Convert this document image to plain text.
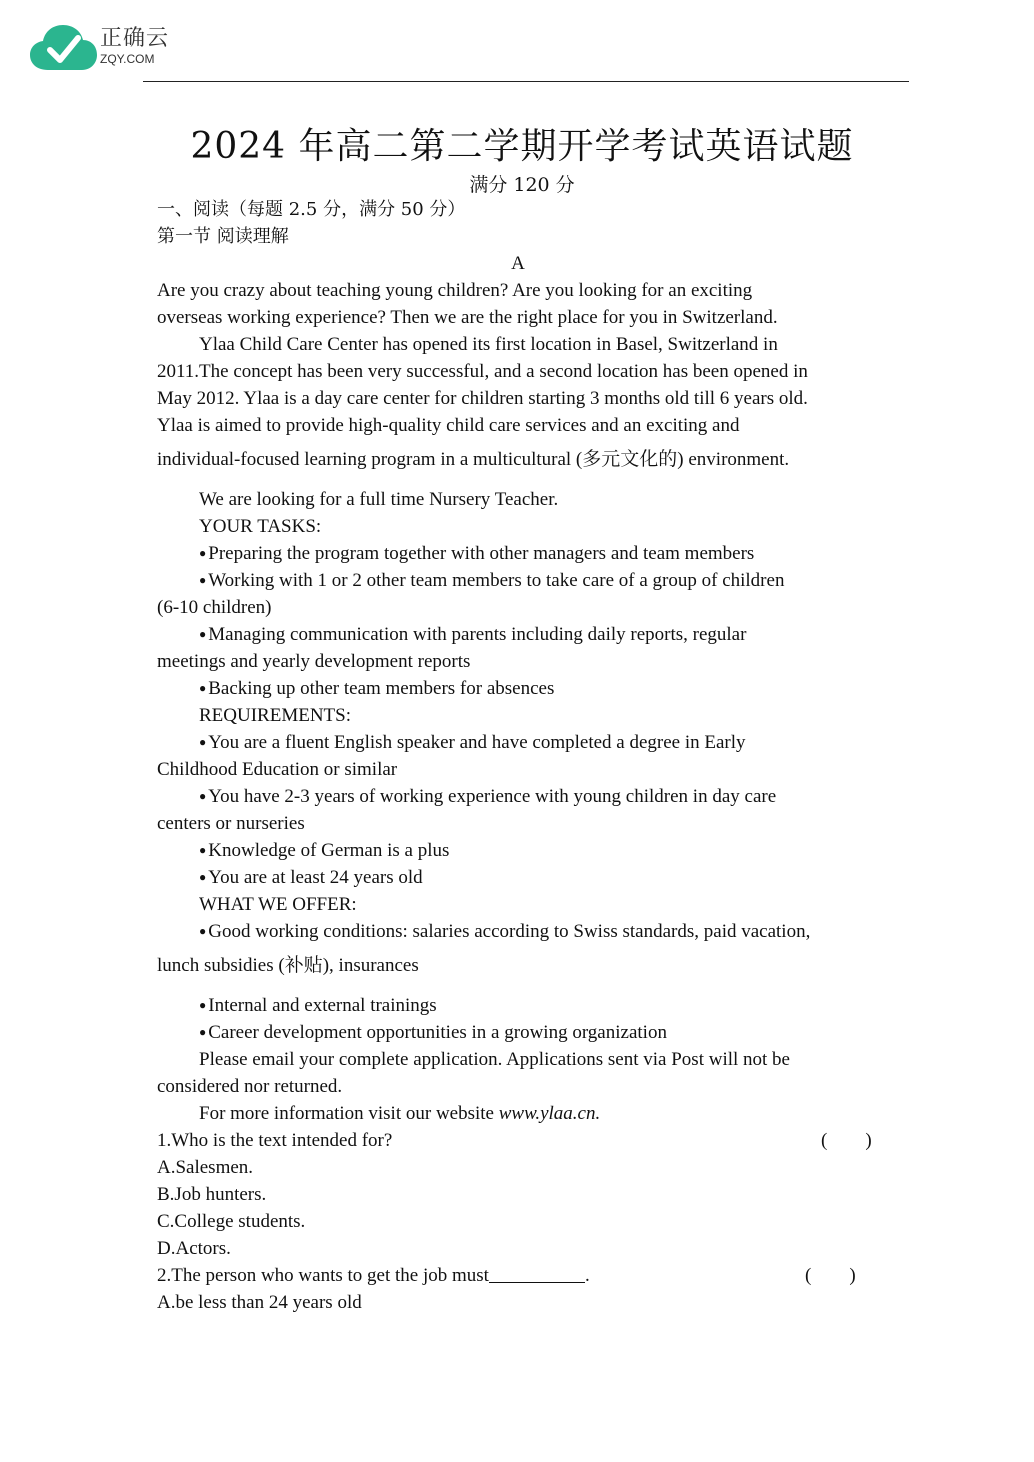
正确云
ZQY.COM
2024 年高二第二学期开学考试英语试题
满分 120 分
一、阅读（每题 2.5 分，满分 50 分）
第一节 阅读理解
A
Are you crazy about teaching young children? Are you looking for an exciting
overseas working experience? Then we are the right place for you in Switzerland.
Ylaa Child Care Center has opened its first location in Basel, Switzerland in
2011.The concept has been very successful, and a second location has been opened in
May 2012. Ylaa is a day care center for children starting 3 months old till 6 years old.
Ylaa is aimed to provide high-quality child care services and an exciting and
individual-focused learning program in a multicultural (多元文化的) environment.
We are looking for a full time Nursery Teacher.
YOUR TASKS:
● Preparing the program together with other managers and team members
● Working with 1 or 2 other team members to take care of a group of children
(6-10 children)
● Managing communication with parents including daily reports, regular
meetings and yearly development reports
● Backing up other team members for absences
REQUIREMENTS:
● You are a fluent English speaker and have completed a degree in Early
Childhood Education or similar
● You have 2-3 years of working experience with young children in day care
centers or nurseries
● Knowledge of German is a plus
● You are at least 24 years old
WHAT WE OFFER:
● Good working conditions: salaries according to Swiss standards, paid vacation,
lunch subsidies (补贴), insurances
● Internal and external trainings
● Career development opportunities in a growing organization
Please email your complete application. Applications sent via Post will not be
considered nor returned.
For more information visit our website www.ylaa.cn.
1.Who is the text intended for?	(　　)
A.Salesmen.
B.Job hunters.
C.College students.
D.Actors.
2.The person who wants to get the job must	.	(　　)
A.be less than 24 years old
